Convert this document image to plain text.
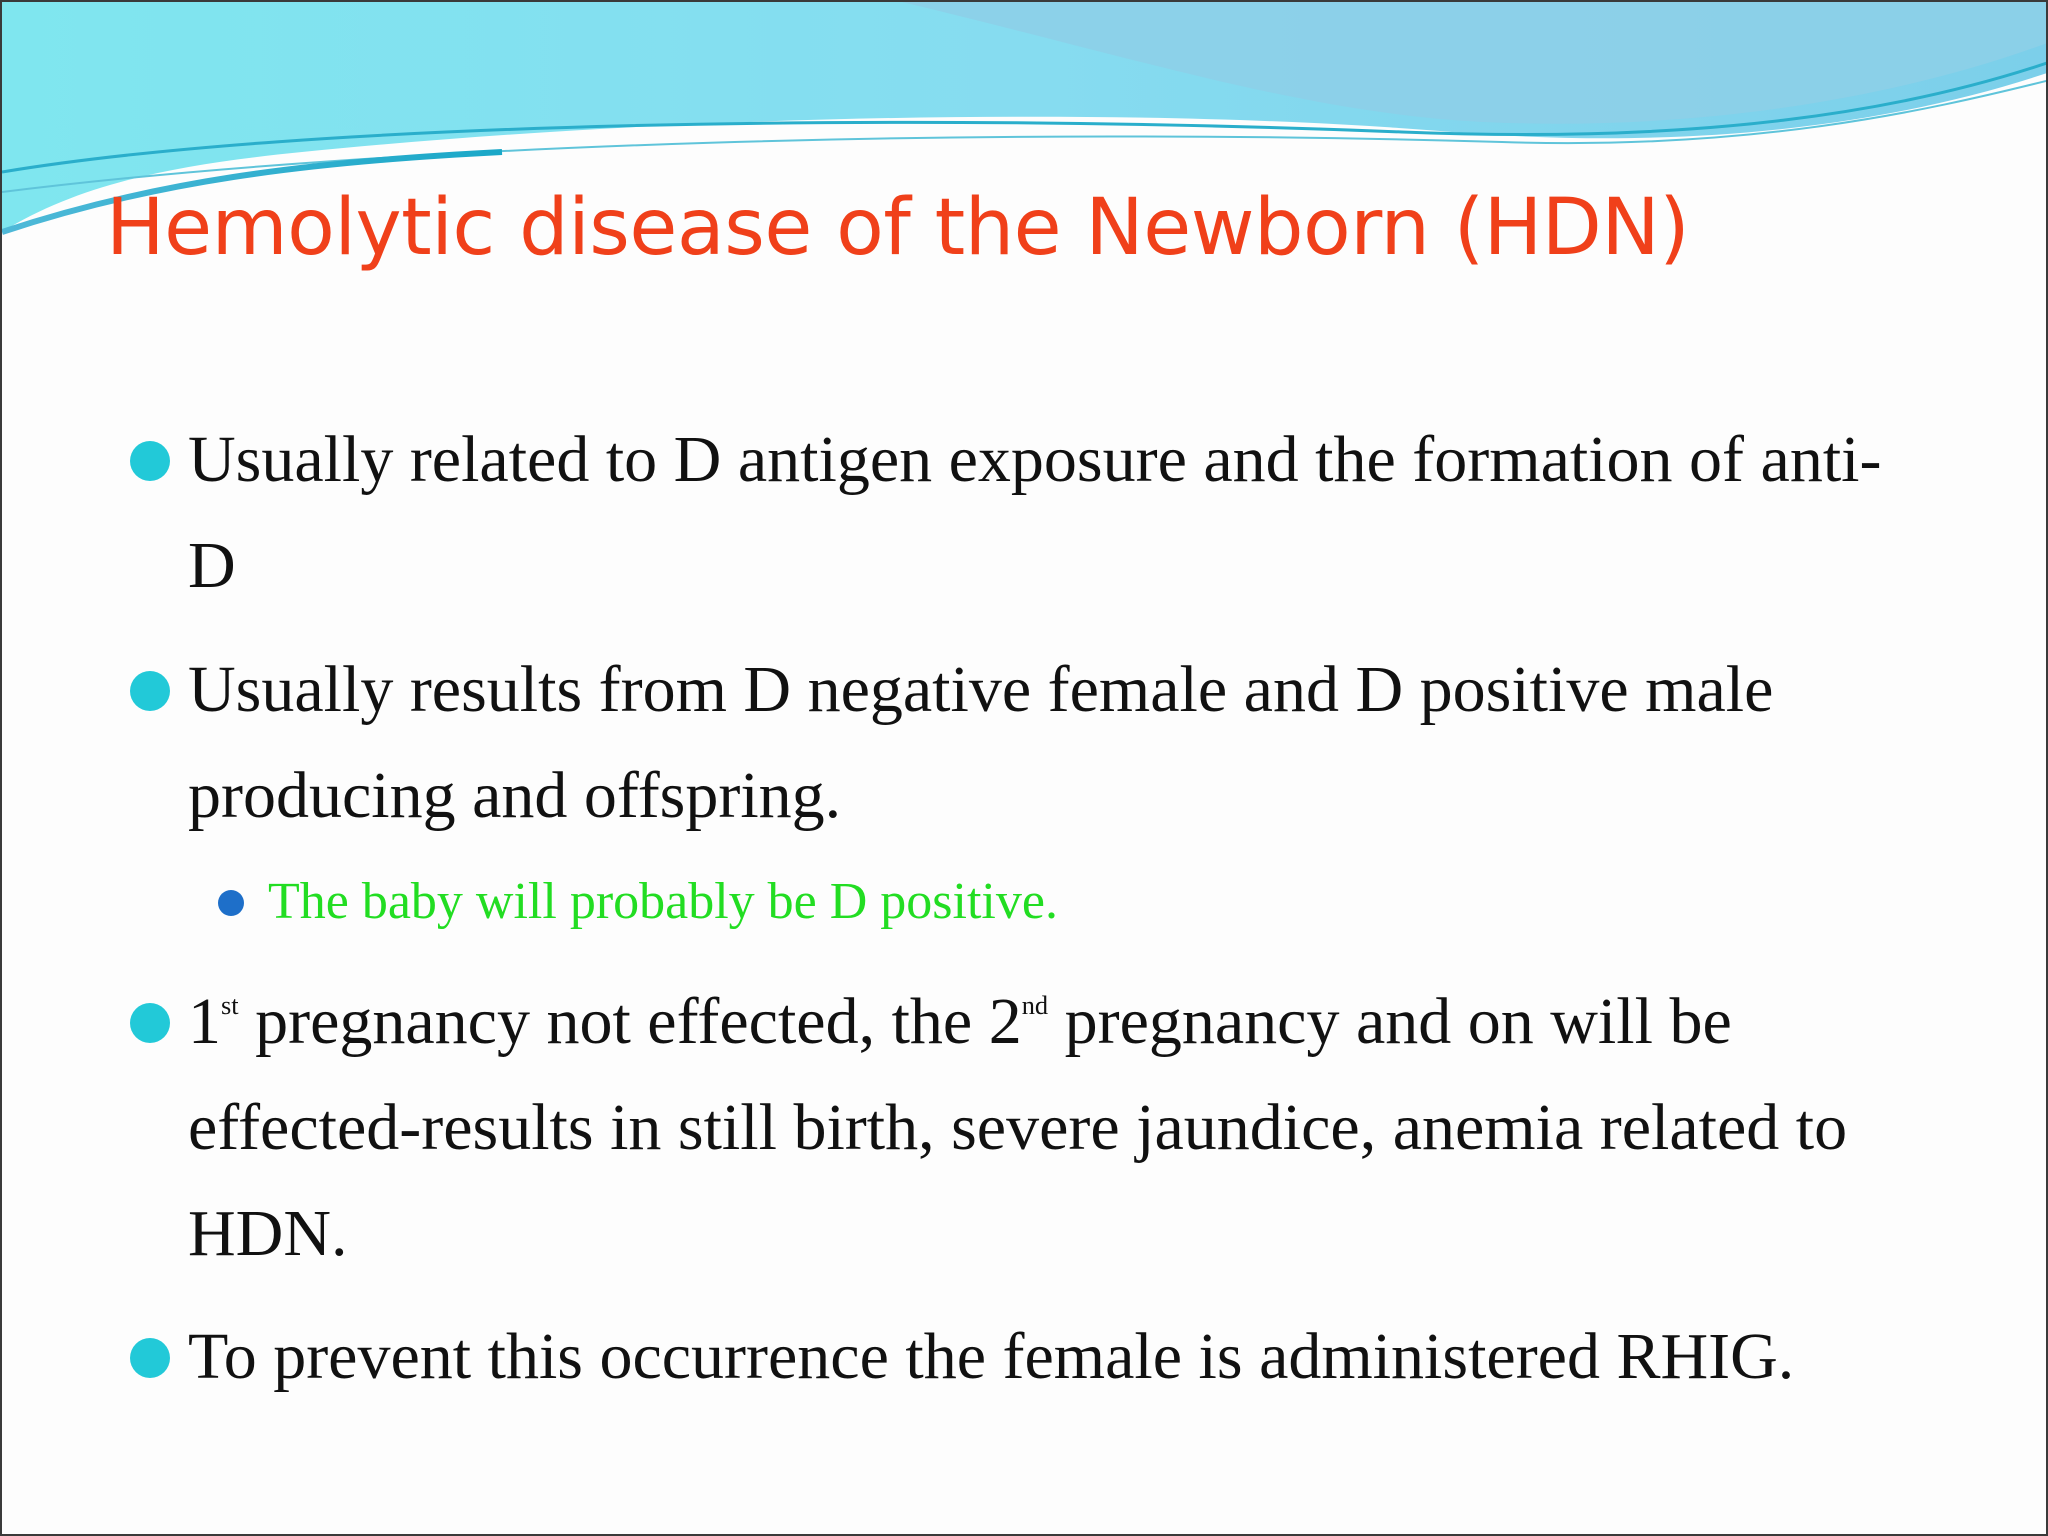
Hemolytic disease of the Newborn (HDN)
Usually related to D antigen exposure and the formation of anti-D
Usually results from D negative female and D positive male producing and offspring.
The baby will probably be D positive.
1st pregnancy not effected, the 2nd pregnancy and on will be effected-results in still birth, severe jaundice, anemia related to HDN.
To prevent this occurrence the female is administered RHIG.
